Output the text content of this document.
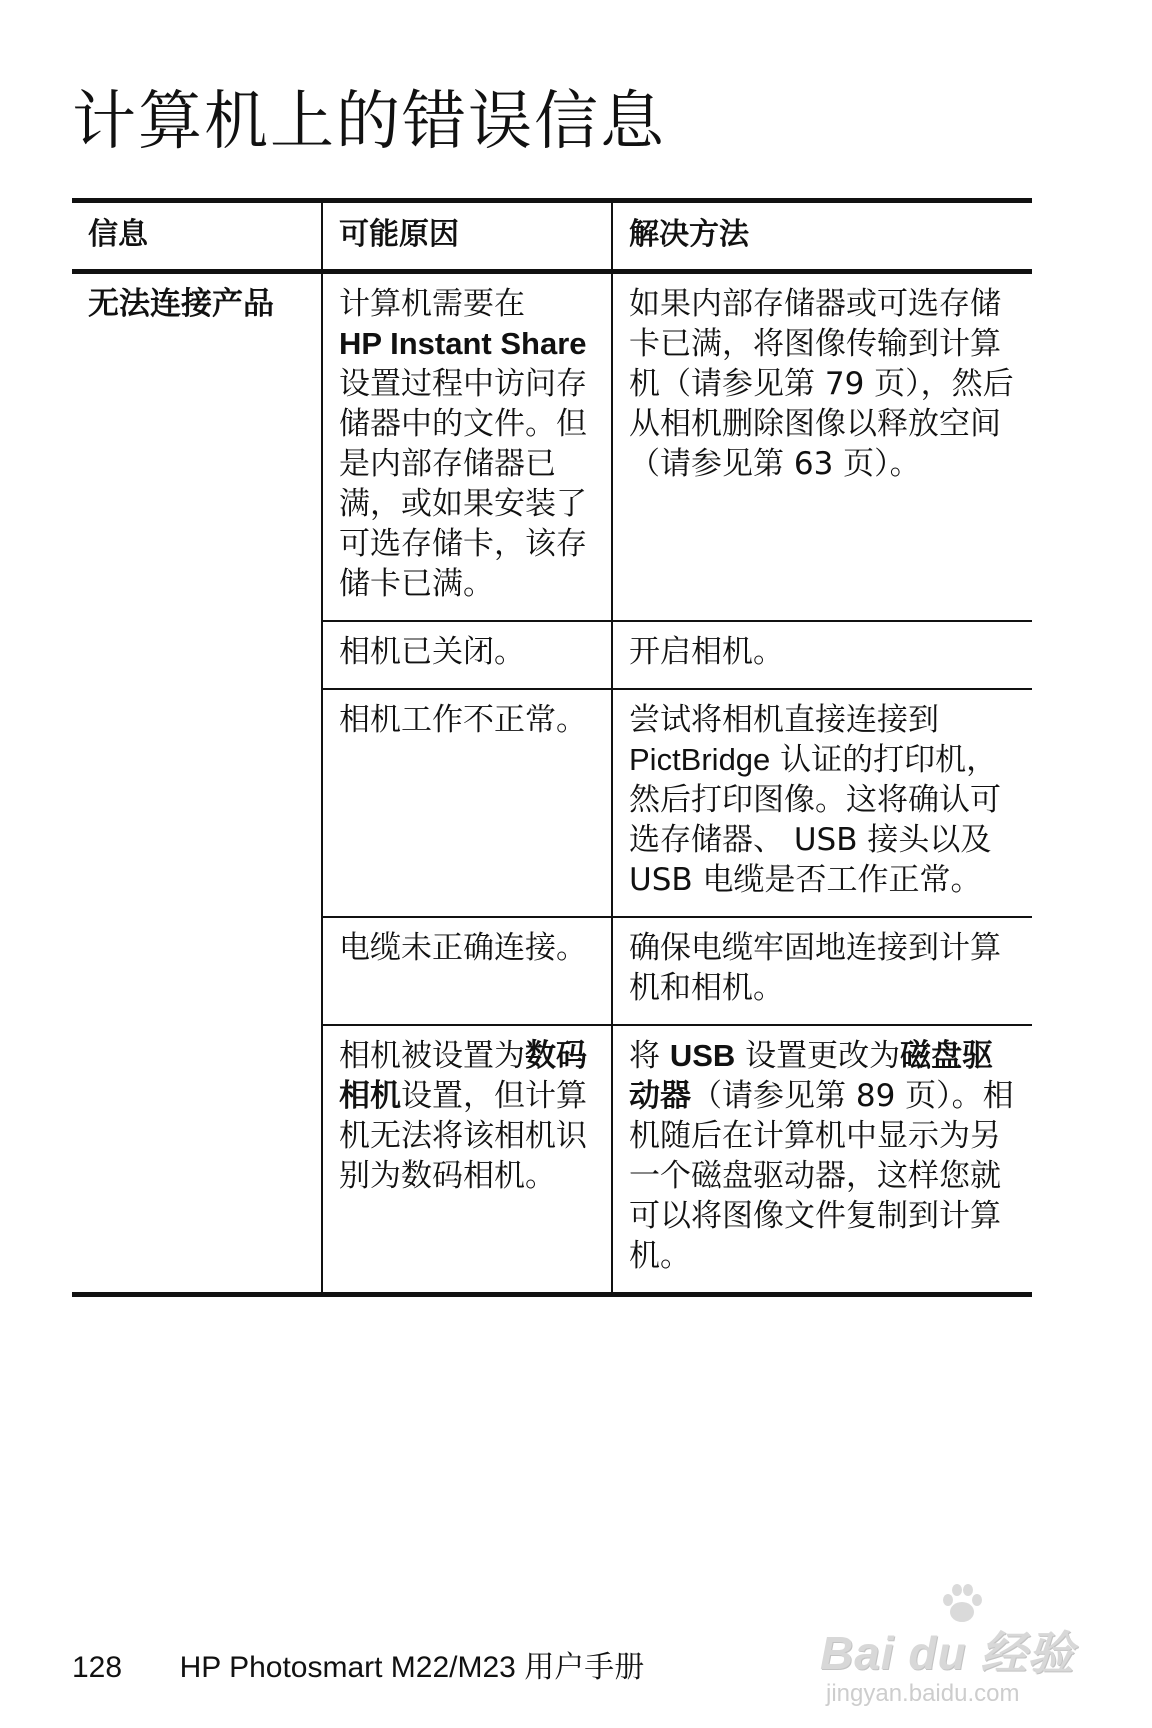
计算机上的错误信息
信息	可能原因	解决方法
无法连接产品	计算机需要在
HP Instant Share
设置过程中访问存储器中的文件。但是内部存储器已满，或如果安装了可选存储卡，该存储卡已满。	如果内部存储器或可选存储卡已满，将图像传输到计算机（请参见第 79 页），然后从相机删除图像以释放空间（请参见第 63 页）。
	相机已关闭。	开启相机。
	相机工作不正常。	尝试将相机直接连接到
PictBridge 认证的打印机，然后打印图像。这将确认可选存储器、 USB 接头以及 USB 电缆是否工作正常。
	电缆未正确连接。	确保电缆牢固地连接到计算机和相机。
	相机被设置为数码相机设置，但计算机无法将该相机识别为数码相机。	将 USB 设置更改为磁盘驱动器（请参见第 89 页）。相机随后在计算机中显示为另一个磁盘驱动器，这样您就可以将图像文件复制到计算机。
128 HP Photosmart M22/M23 用户手册	Bai du 经验
jingyan.baidu.com
